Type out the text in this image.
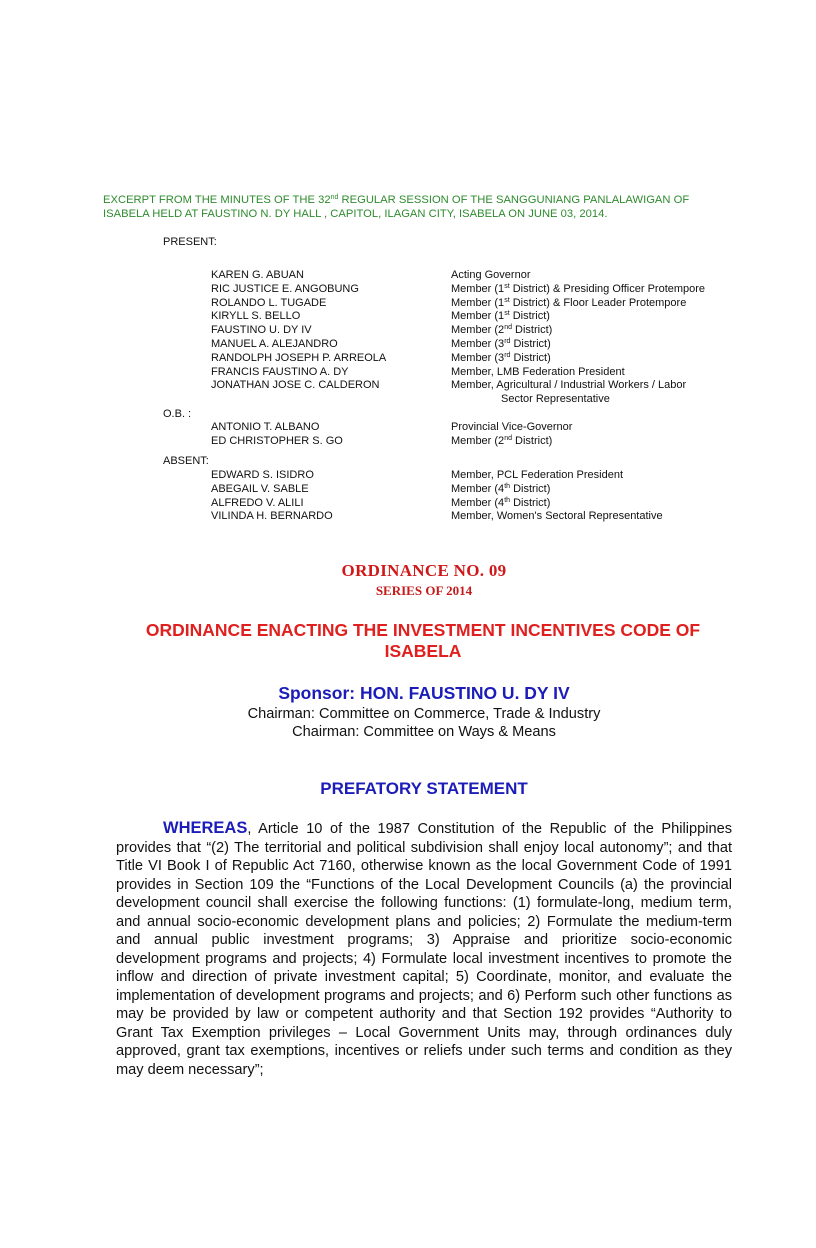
EXCERPT FROM THE MINUTES OF THE 32nd REGULAR SESSION OF THE SANGGUNIANG PANLALAWIGAN OF
ISABELA HELD AT FAUSTINO N. DY HALL , CAPITOL, ILAGAN CITY, ISABELA ON JUNE 03, 2014.
PRESENT:
KAREN G. ABUAN	Acting Governor
RIC JUSTICE E. ANGOBUNG	Member (1st District) & Presiding Officer Protempore
ROLANDO L. TUGADE	Member (1st District) & Floor Leader Protempore
KIRYLL S. BELLO	Member (1st District)
FAUSTINO U. DY IV	Member (2nd District)
MANUEL A. ALEJANDRO	Member (3rd District)
RANDOLPH JOSEPH P. ARREOLA	Member (3rd District)
FRANCIS FAUSTINO A. DY	Member, LMB Federation President
JONATHAN JOSE C. CALDERON	Member, Agricultural / Industrial Workers / Labor
Sector Representative
O.B. :
ANTONIO T. ALBANO	Provincial Vice-Governor
ED CHRISTOPHER S. GO	Member (2nd District)
ABSENT:
EDWARD S. ISIDRO	Member, PCL Federation President
ABEGAIL V. SABLE	Member (4th District)
ALFREDO V. ALILI	Member (4th District)
VILINDA H. BERNARDO	Member, Women's Sectoral Representative
ORDINANCE NO. 09
SERIES OF 2014
ORDINANCE ENACTING THE INVESTMENT INCENTIVES CODE OF ISABELA
Sponsor: HON. FAUSTINO U. DY IV
Chairman: Committee on Commerce, Trade & Industry
Chairman: Committee on Ways & Means
PREFATORY STATEMENT
WHEREAS, Article 10 of the 1987 Constitution of the Republic of the Philippines provides that “(2) The territorial and political subdivision shall enjoy local autonomy”; and that Title VI Book I of Republic Act 7160, otherwise known as the local Government Code of 1991 provides in Section 109 the “Functions of the Local Development Councils (a) the provincial development council shall exercise the following functions: (1) formulate-long, medium term, and annual socio-economic development plans and policies; 2) Formulate the medium-term and annual public investment programs; 3) Appraise and prioritize socio-economic development programs and projects; 4) Formulate local investment incentives to promote the inflow and direction of private investment capital; 5) Coordinate, monitor, and evaluate the implementation of development programs and projects; and 6) Perform such other functions as may be provided by law or competent authority and that Section 192 provides “Authority to Grant Tax Exemption privileges – Local Government Units may, through ordinances duly approved, grant tax exemptions, incentives or reliefs under such terms and condition as they may deem necessary”;
